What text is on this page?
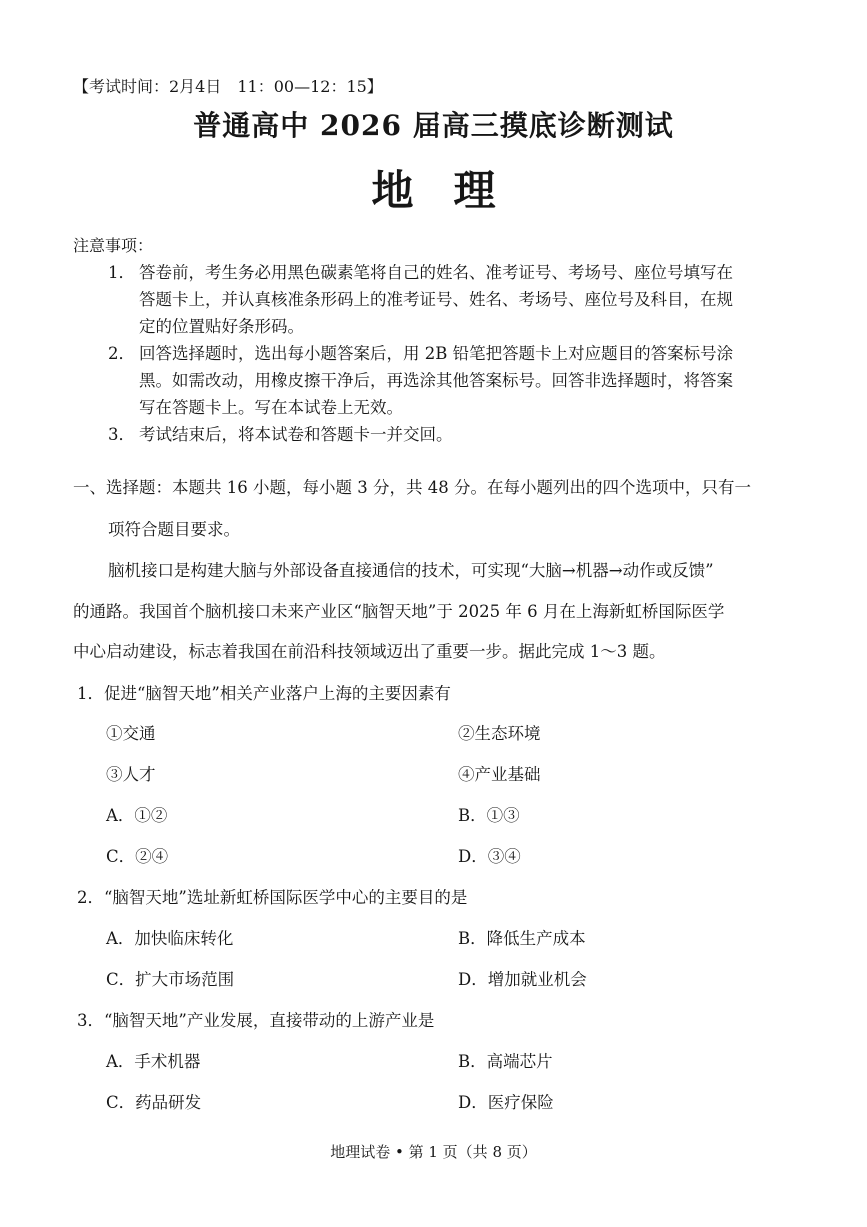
【考试时间：2月4日　11：00—12：15】
普通高中 2026 届高三摸底诊断测试
地理
注意事项：
1． 答卷前，考生务必用黑色碳素笔将自己的姓名、准考证号、考场号、座位号填写在
答题卡上，并认真核准条形码上的准考证号、姓名、考场号、座位号及科目，在规
定的位置贴好条形码。
2． 回答选择题时，选出每小题答案后，用 2B 铅笔把答题卡上对应题目的答案标号涂
黑。如需改动，用橡皮擦干净后，再选涂其他答案标号。回答非选择题时，将答案
写在答题卡上。写在本试卷上无效。
3． 考试结束后，将本试卷和答题卡一并交回。
一、选择题：本题共 16 小题，每小题 3 分，共 48 分。在每小题列出的四个选项中，只有一
项符合题目要求。
脑机接口是构建大脑与外部设备直接通信的技术，可实现“大脑→机器→动作或反馈”
的通路。我国首个脑机接口未来产业区“脑智天地”于 2025 年 6 月在上海新虹桥国际医学
中心启动建设，标志着我国在前沿科技领域迈出了重要一步。据此完成 1～3 题。
1．促进“脑智天地”相关产业落户上海的主要因素有
①交通	②生态环境
③人才	④产业基础
A．①②	B．①③
C．②④	D．③④
2．“脑智天地”选址新虹桥国际医学中心的主要目的是
A．加快临床转化	B．降低生产成本
C．扩大市场范围	D．增加就业机会
3．“脑智天地”产业发展，直接带动的上游产业是
A．手术机器	B．高端芯片
C．药品研发	D．医疗保险
地理试卷 • 第 1 页（共 8 页）
